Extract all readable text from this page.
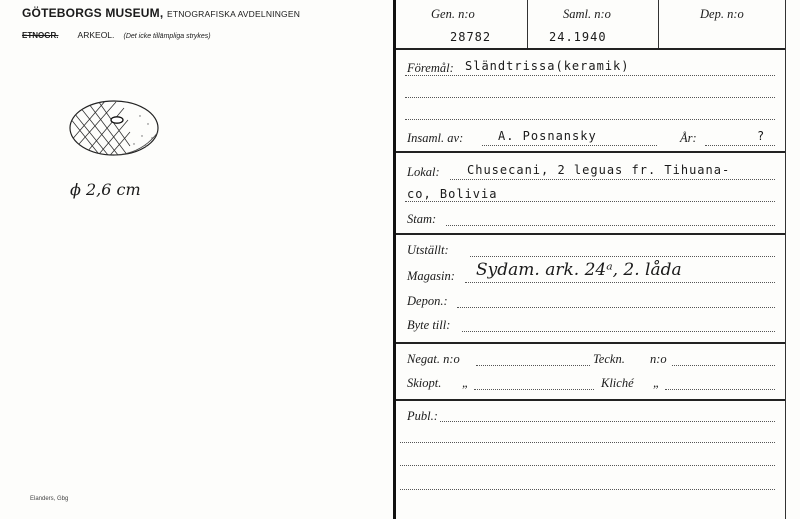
GÖTEBORGS MUSEUM, ETNOGRAFISKA AVDELNINGEN
ETNOGR. ARKEOL. (Det icke tillämpliga strykes)
ϕ 2,6 cm
Elanders, Gbg
Gen. n:o
28782
Saml. n:o
24.1940
Dep. n:o
Föremål: Sländtrissa(keramik)
Insaml. av:	A. Posnansky	År:	?
Lokal: Chusecani, 2 leguas fr. Tihuana-
co, Bolivia
Stam:
Utställt:
Magasin: Sydam. ark. 24ᵃ, 2. låda
Depon.:
Byte till:
Negat. n:o	Teckn. n:o
Skiopt. „	Kliché „
Publ.:
